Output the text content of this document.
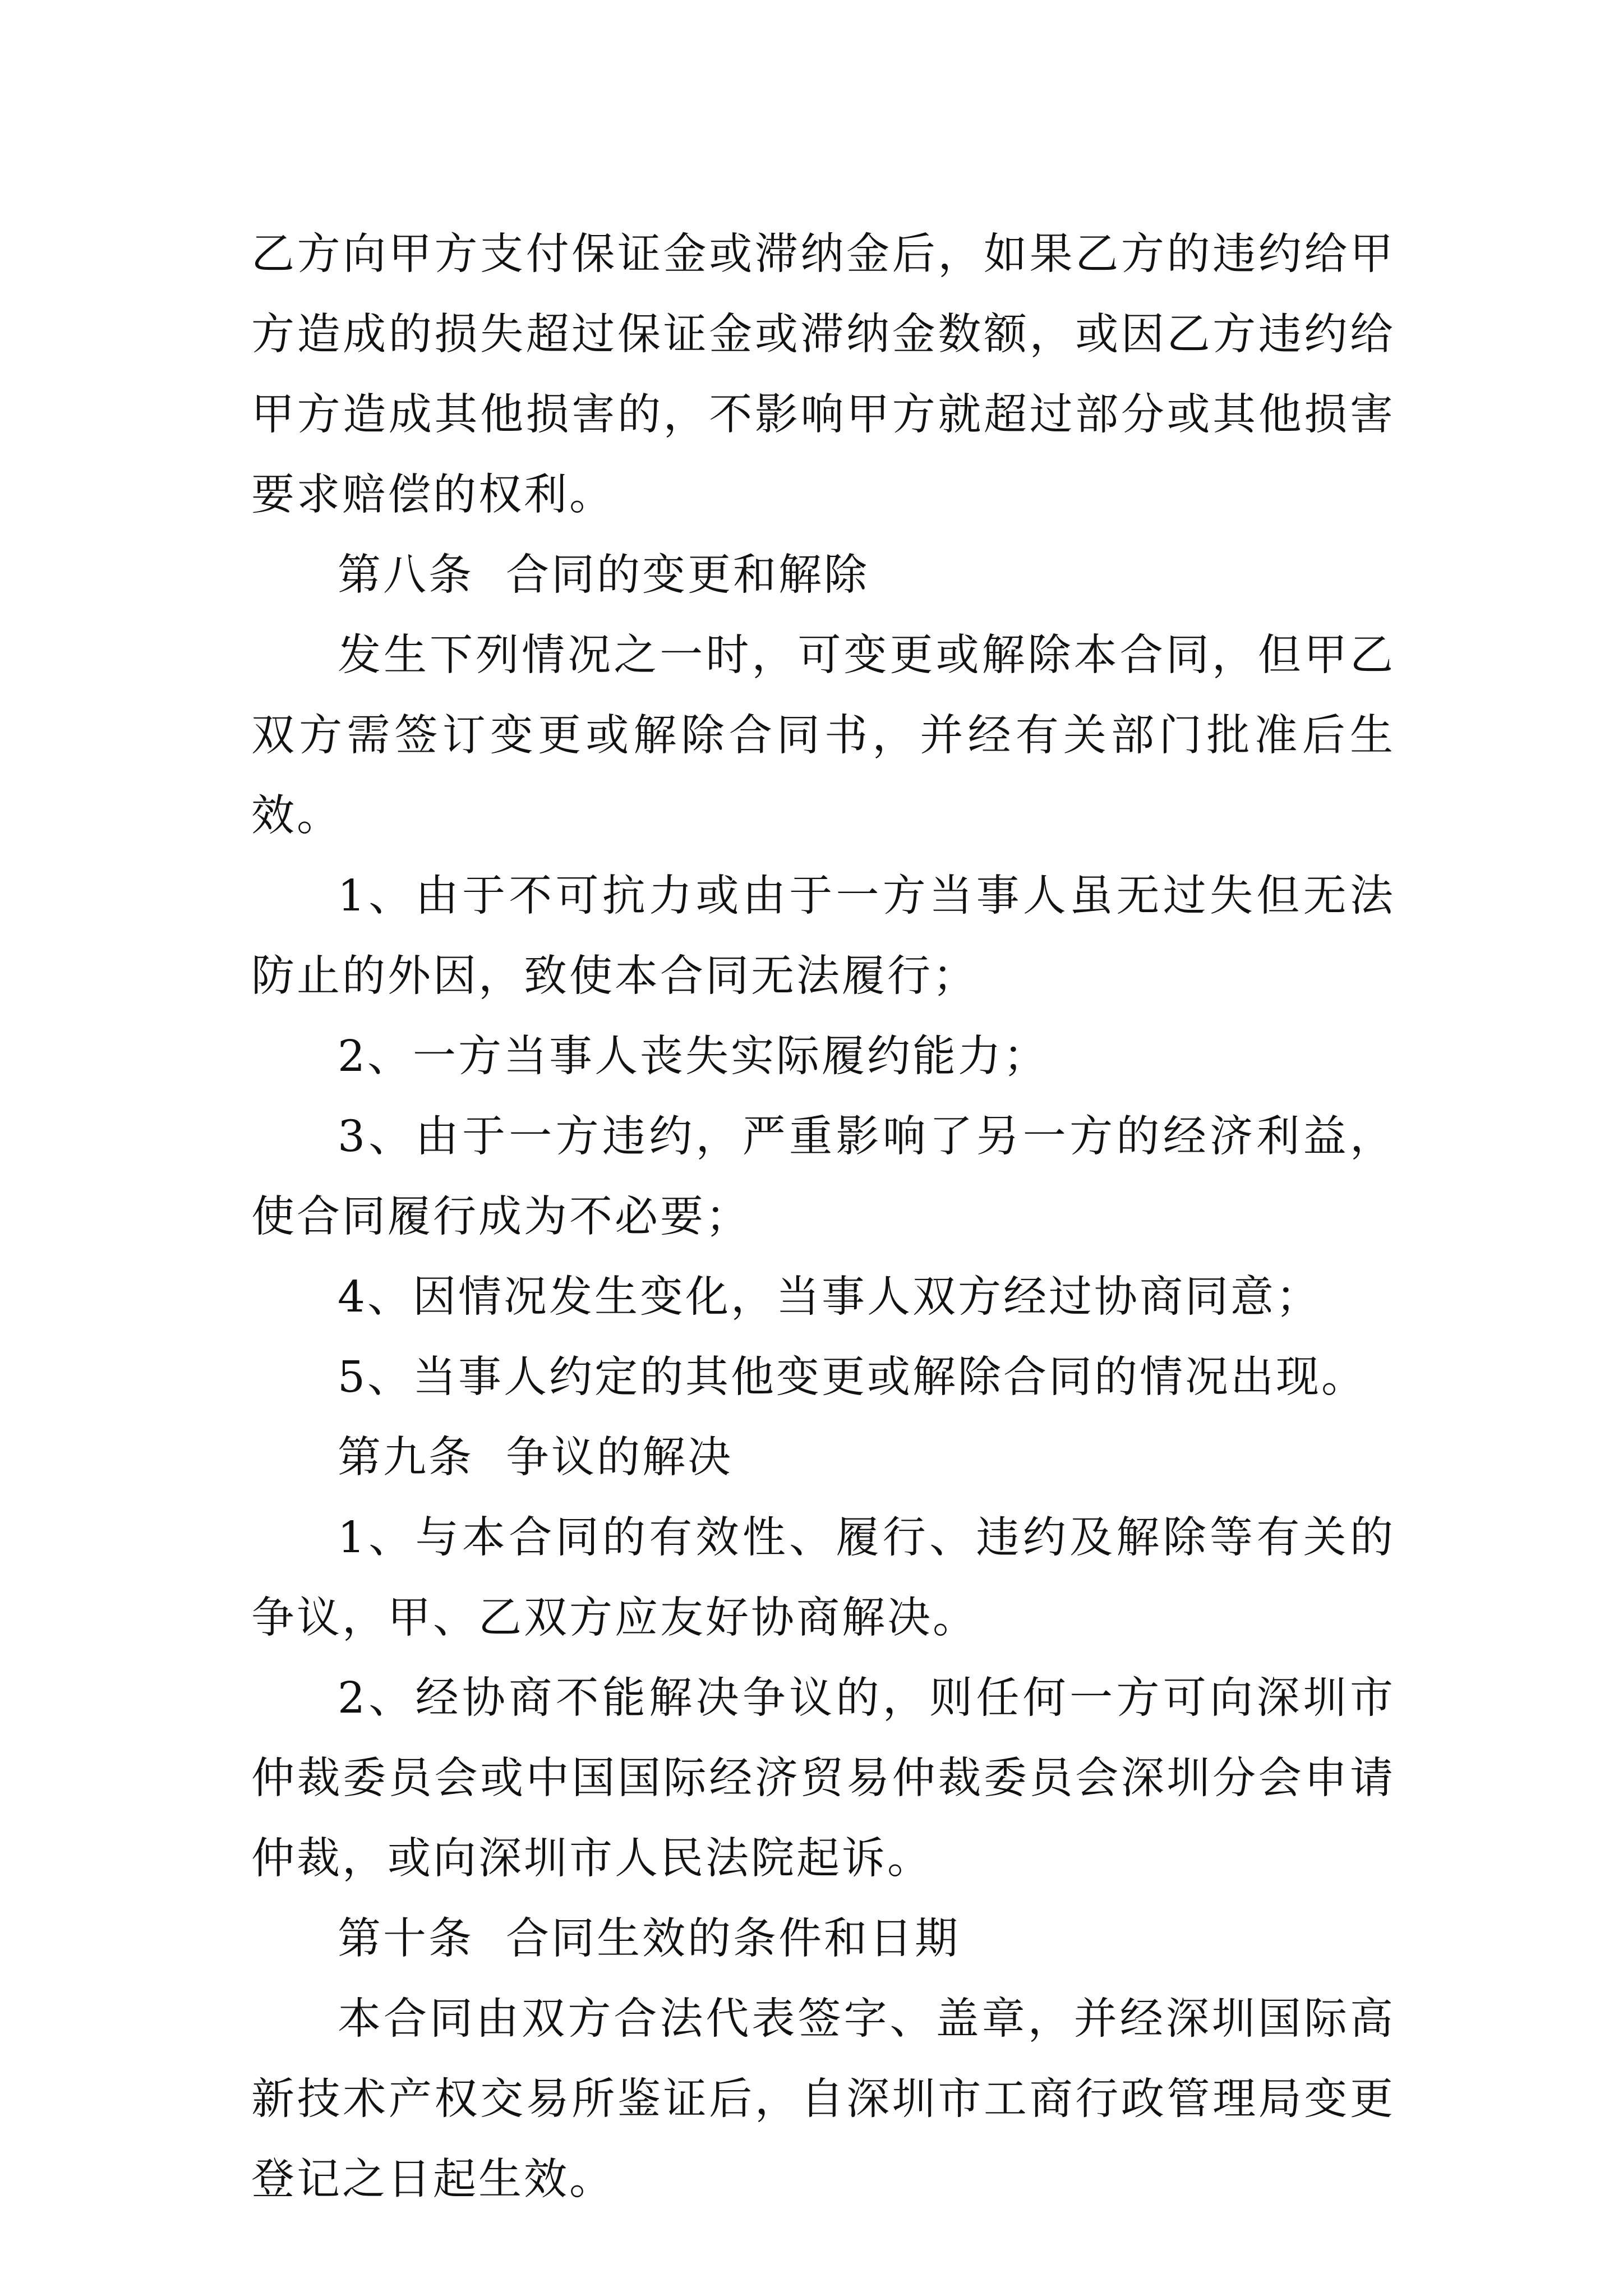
乙方向甲方支付保证金或滞纳金后，如果乙方的违约给甲方造成的损失超过保证金或滞纳金数额，或因乙方违约给甲方造成其他损害的，不影响甲方就超过部分或其他损害要求赔偿的权利。

第八条  合同的变更和解除

发生下列情况之一时，可变更或解除本合同，但甲乙双方需签订变更或解除合同书，并经有关部门批准后生效。

1、由于不可抗力或由于一方当事人虽无过失但无法防止的外因，致使本合同无法履行；

2、一方当事人丧失实际履约能力；

3、由于一方违约，严重影响了另一方的经济利益，使合同履行成为不必要；

4、因情况发生变化，当事人双方经过协商同意；

5、当事人约定的其他变更或解除合同的情况出现。

第九条  争议的解决

1、与本合同的有效性、履行、违约及解除等有关的争议，甲、乙双方应友好协商解决。

2、经协商不能解决争议的，则任何一方可向深圳市仲裁委员会或中国国际经济贸易仲裁委员会深圳分会申请仲裁，或向深圳市人民法院起诉。

第十条  合同生效的条件和日期

本合同由双方合法代表签字、盖章，并经深圳国际高新技术产权交易所鉴证后，自深圳市工商行政管理局变更登记之日起生效。
